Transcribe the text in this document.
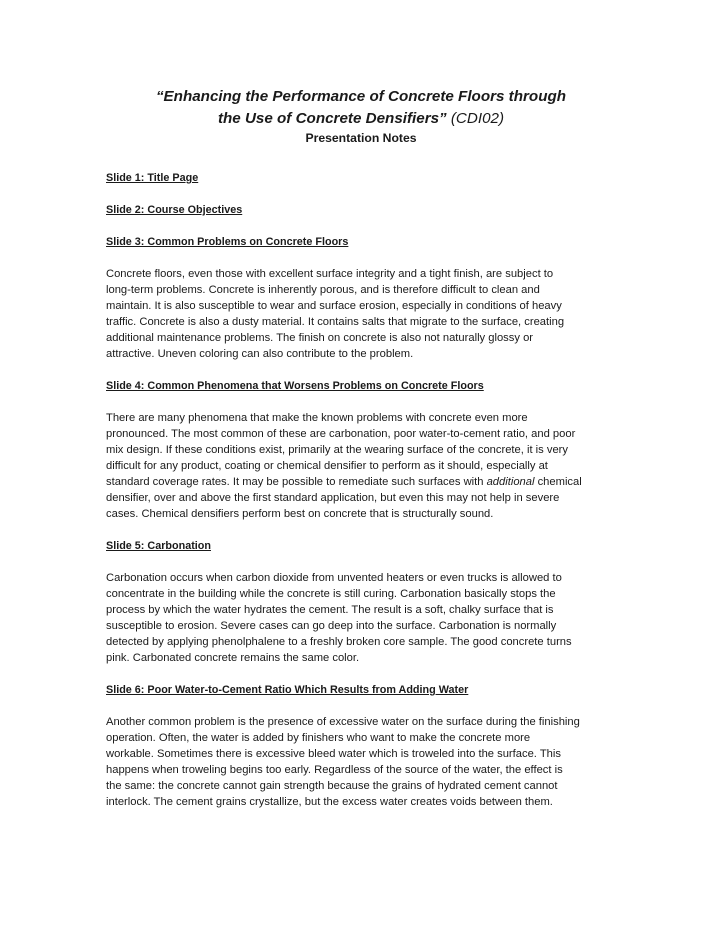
“Enhancing the Performance of Concrete Floors through
the Use of Concrete Densifiers” (CDI02)
Presentation Notes
Slide 1: Title Page
Slide 2: Course Objectives
Slide 3: Common Problems on Concrete Floors
Concrete floors, even those with excellent surface integrity and a tight finish, are subject to
long-term problems. Concrete is inherently porous, and is therefore difficult to clean and
maintain. It is also susceptible to wear and surface erosion, especially in conditions of heavy
traffic. Concrete is also a dusty material. It contains salts that migrate to the surface, creating
additional maintenance problems. The finish on concrete is also not naturally glossy or
attractive. Uneven coloring can also contribute to the problem.
Slide 4: Common Phenomena that Worsens Problems on Concrete Floors
There are many phenomena that make the known problems with concrete even more
pronounced. The most common of these are carbonation, poor water-to-cement ratio, and poor
mix design. If these conditions exist, primarily at the wearing surface of the concrete, it is very
difficult for any product, coating or chemical densifier to perform as it should, especially at
standard coverage rates. It may be possible to remediate such surfaces with additional chemical
densifier, over and above the first standard application, but even this may not help in severe
cases. Chemical densifiers perform best on concrete that is structurally sound.
Slide 5: Carbonation
Carbonation occurs when carbon dioxide from unvented heaters or even trucks is allowed to
concentrate in the building while the concrete is still curing. Carbonation basically stops the
process by which the water hydrates the cement. The result is a soft, chalky surface that is
susceptible to erosion. Severe cases can go deep into the surface. Carbonation is normally
detected by applying phenolphalene to a freshly broken core sample. The good concrete turns
pink. Carbonated concrete remains the same color.
Slide 6: Poor Water-to-Cement Ratio Which Results from Adding Water
Another common problem is the presence of excessive water on the surface during the finishing
operation. Often, the water is added by finishers who want to make the concrete more
workable. Sometimes there is excessive bleed water which is troweled into the surface. This
happens when troweling begins too early. Regardless of the source of the water, the effect is
the same: the concrete cannot gain strength because the grains of hydrated cement cannot
interlock. The cement grains crystallize, but the excess water creates voids between them.
